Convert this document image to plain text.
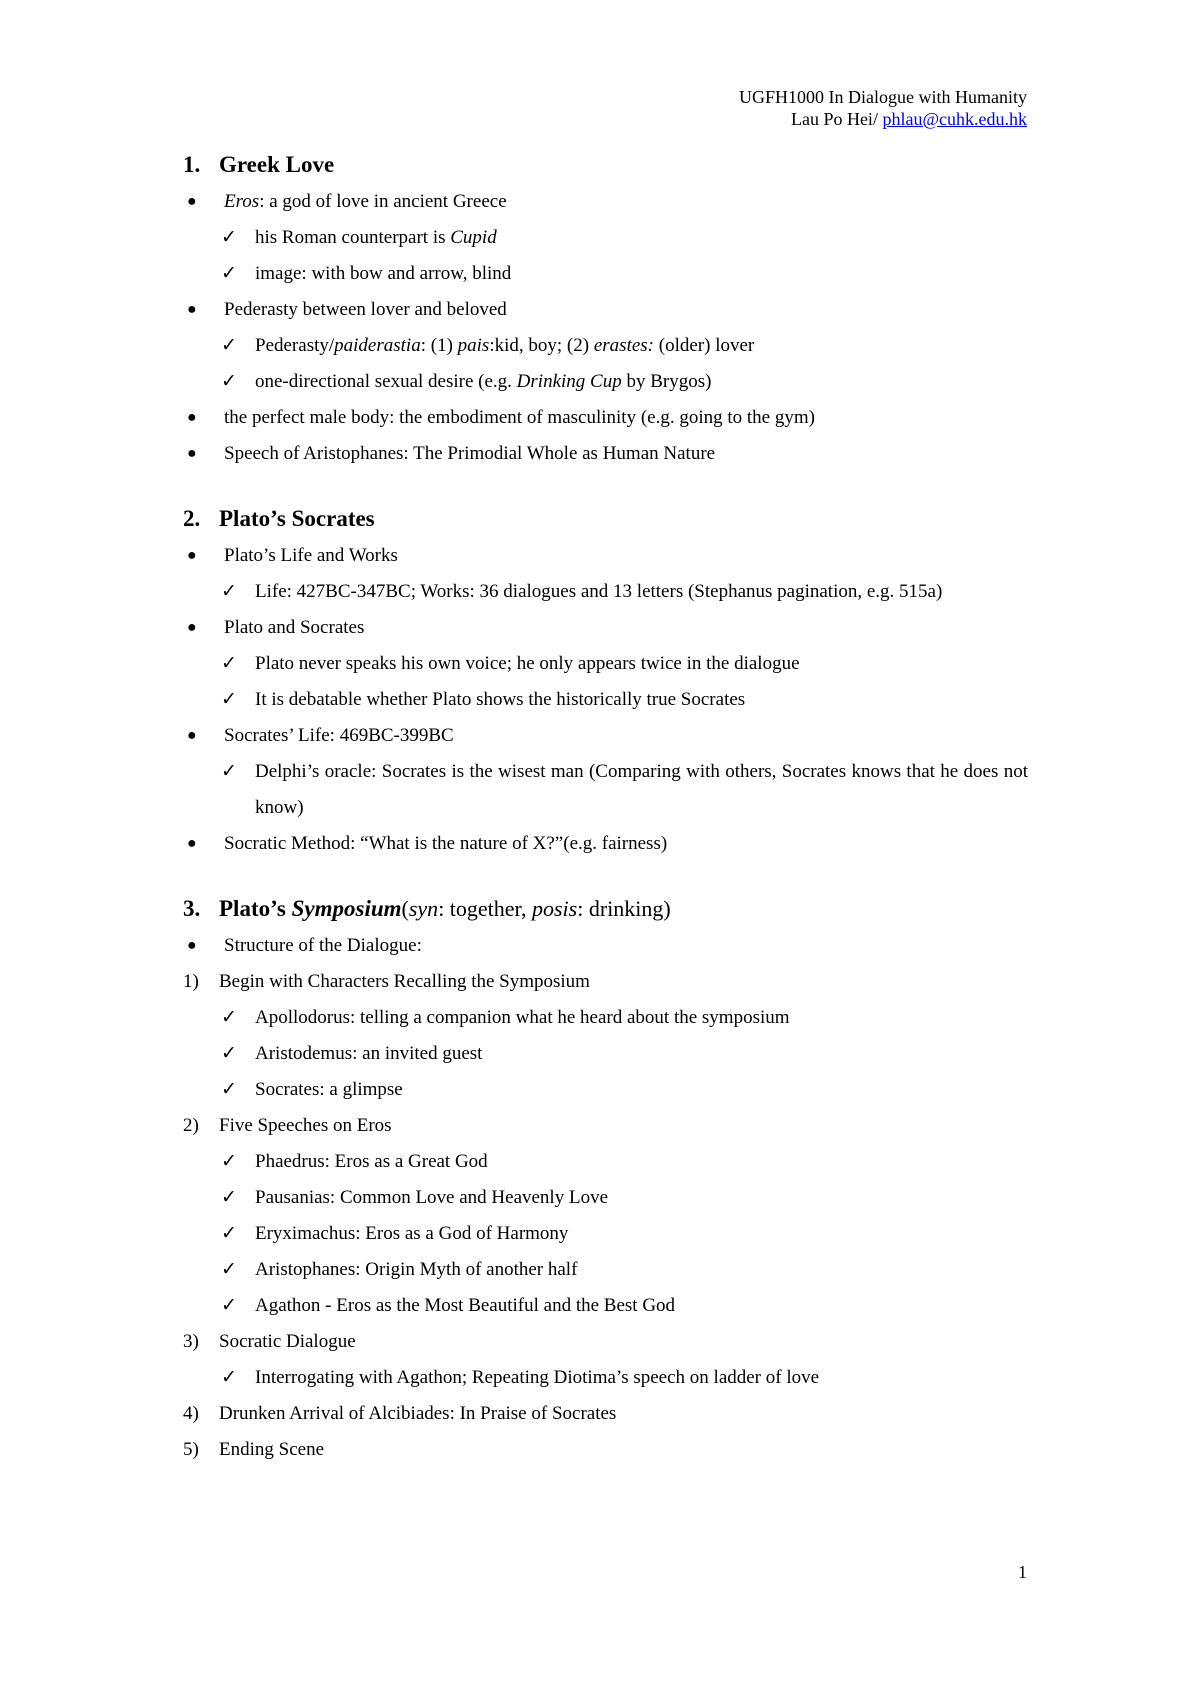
UGFH1000 In Dialogue with Humanity
Lau Po Hei/ phlau@cuhk.edu.hk
1. Greek Love
● Eros: a god of love in ancient Greece
✓ his Roman counterpart is Cupid
✓ image: with bow and arrow, blind
● Pederasty between lover and beloved
✓ Pederasty/paiderastia: (1) pais:kid, boy; (2) erastes: (older) lover
✓ one-directional sexual desire (e.g. Drinking Cup by Brygos)
● the perfect male body: the embodiment of masculinity (e.g. going to the gym)
● Speech of Aristophanes: The Primodial Whole as Human Nature
2. Plato’s Socrates
● Plato’s Life and Works
✓ Life: 427BC-347BC; Works: 36 dialogues and 13 letters (Stephanus pagination, e.g. 515a)
● Plato and Socrates
✓ Plato never speaks his own voice; he only appears twice in the dialogue
✓ It is debatable whether Plato shows the historically true Socrates
● Socrates’ Life: 469BC-399BC
✓ Delphi’s oracle: Socrates is the wisest man (Comparing with others, Socrates knows that he does not know)
● Socratic Method: “What is the nature of X?”(e.g. fairness)
3. Plato’s Symposium(syn: together, posis: drinking)
● Structure of the Dialogue:
1) Begin with Characters Recalling the Symposium
✓ Apollodorus: telling a companion what he heard about the symposium
✓ Aristodemus: an invited guest
✓ Socrates: a glimpse
2) Five Speeches on Eros
✓ Phaedrus: Eros as a Great God
✓ Pausanias: Common Love and Heavenly Love
✓ Eryximachus: Eros as a God of Harmony
✓ Aristophanes: Origin Myth of another half
✓ Agathon - Eros as the Most Beautiful and the Best God
3) Socratic Dialogue
✓ Interrogating with Agathon; Repeating Diotima’s speech on ladder of love
4) Drunken Arrival of Alcibiades: In Praise of Socrates
5) Ending Scene
1
